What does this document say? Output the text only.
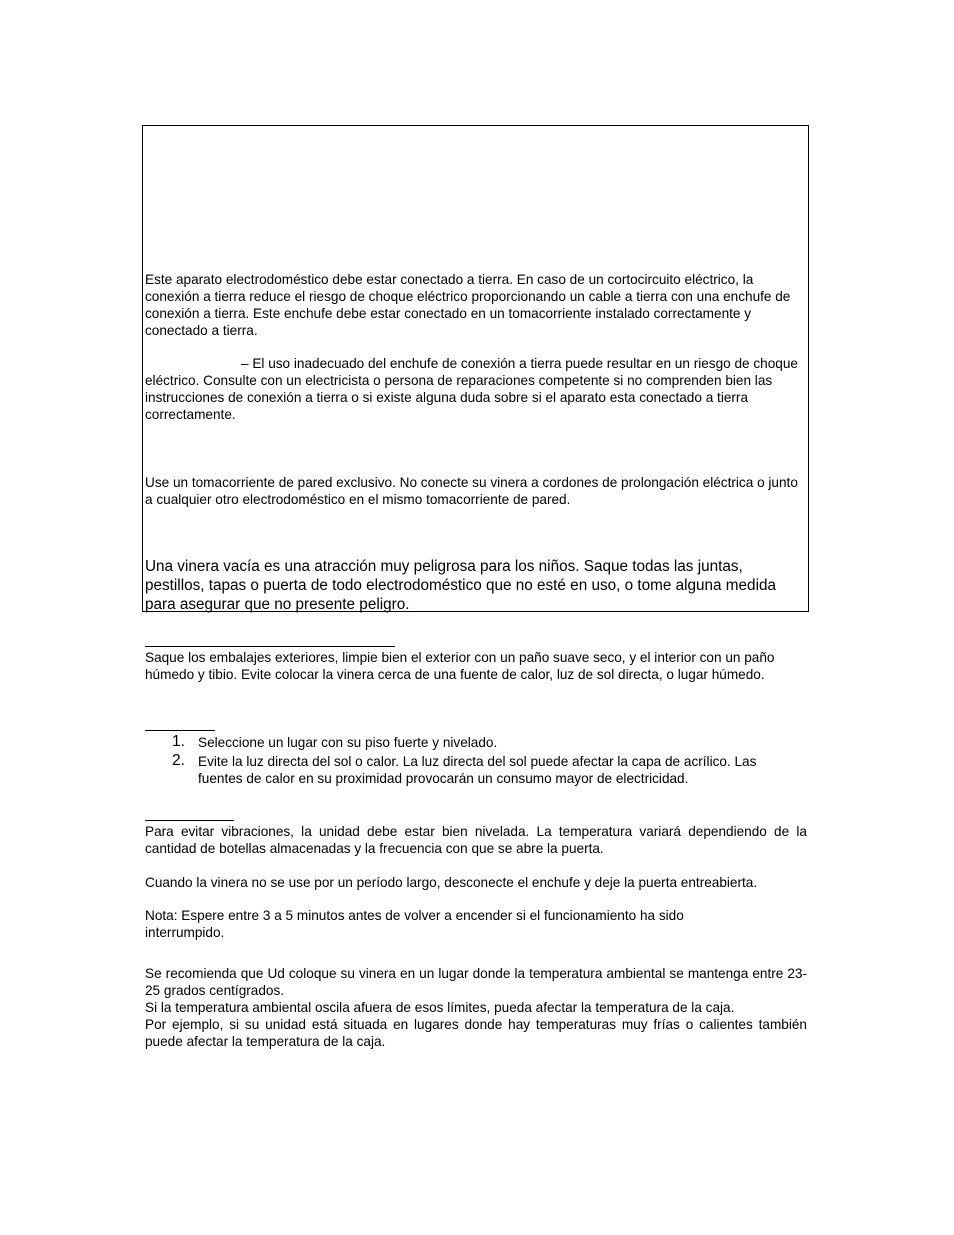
Este aparato electrodoméstico debe estar conectado a tierra. En caso de un cortocircuito eléctrico, la conexión a tierra reduce el riesgo de choque eléctrico proporcionando un cable a tierra con una enchufe de conexión a tierra. Este enchufe debe estar conectado en un tomacorriente instalado correctamente y conectado a tierra.

– El uso inadecuado del enchufe de conexión a tierra puede resultar en un riesgo de choque eléctrico. Consulte con un electricista o persona de reparaciones competente si no comprenden bien las instrucciones de conexión a tierra o si existe alguna duda sobre si el aparato esta conectado a tierra correctamente.

Use un tomacorriente de pared exclusivo. No conecte su vinera a cordones de prolongación eléctrica o junto a cualquier otro electrodoméstico en el mismo tomacorriente de pared.

Una vinera vacía es una atracción muy peligrosa para los niños. Saque todas las juntas, pestillos, tapas o puerta de todo electrodoméstico que no esté en uso, o tome alguna medida para asegurar que no presente peligro.

Saque los embalajes exteriores, limpie bien el exterior con un paño suave seco, y el interior con un paño húmedo y tibio. Evite colocar la vinera cerca de una fuente de calor, luz de sol directa, o lugar húmedo.

1. Seleccione un lugar con su piso fuerte y nivelado.
2. Evite la luz directa del sol o calor. La luz directa del sol puede afectar la capa de acrílico. Las fuentes de calor en su proximidad provocarán un consumo mayor de electricidad.

Para evitar vibraciones, la unidad debe estar bien nivelada. La temperatura variará dependiendo de la cantidad de botellas almacenadas y la frecuencia con que se abre la puerta.

Cuando la vinera no se use por un período largo, desconecte el enchufe y deje la puerta entreabierta.

Nota: Espere entre 3 a 5 minutos antes de volver a encender si el funcionamiento ha sido interrumpido.

Se recomienda que Ud coloque su vinera en un lugar donde la temperatura ambiental se mantenga entre 23-25 grados centígrados.
Si la temperatura ambiental oscila afuera de esos límites, pueda afectar la temperatura de la caja.
Por ejemplo, si su unidad está situada en lugares donde hay temperaturas muy frías o calientes también puede afectar la temperatura de la caja.
